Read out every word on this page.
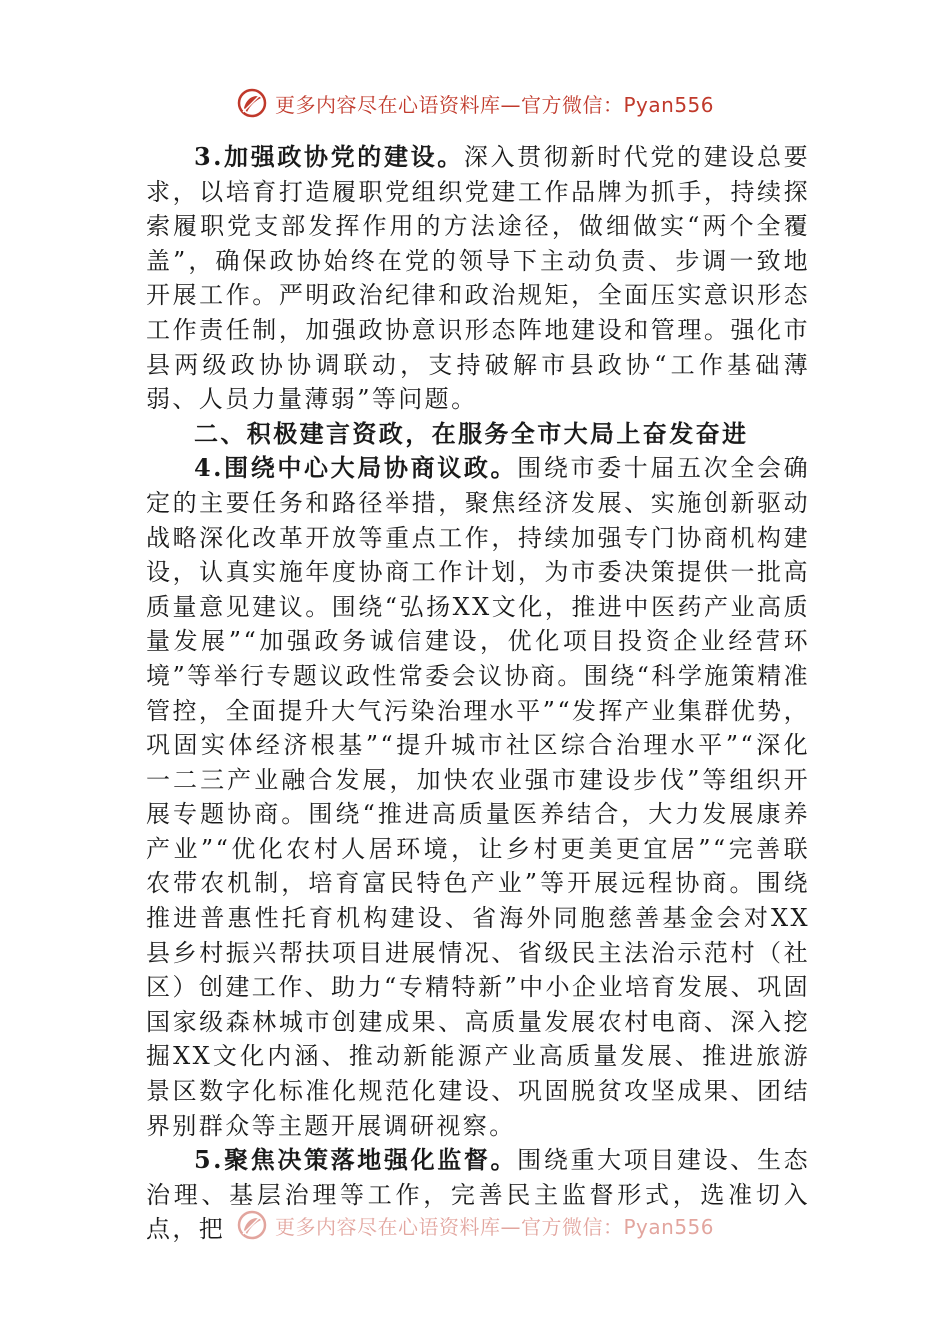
更多内容尽在心语资料库—官方微信：Pyan556

3.加强政协党的建设。深入贯彻新时代党的建设总要求，以培育打造履职党组织党建工作品牌为抓手，持续探索履职党支部发挥作用的方法途径，做细做实“两个全覆盖”，确保政协始终在党的领导下主动负责、步调一致地开展工作。严明政治纪律和政治规矩，全面压实意识形态工作责任制，加强政协意识形态阵地建设和管理。强化市县两级政协协调联动，支持破解市县政协“工作基础薄弱、人员力量薄弱”等问题。

二、积极建言资政，在服务全市大局上奋发奋进

4.围绕中心大局协商议政。围绕市委十届五次全会确定的主要任务和路径举措，聚焦经济发展、实施创新驱动战略深化改革开放等重点工作，持续加强专门协商机构建设，认真实施年度协商工作计划，为市委决策提供一批高质量意见建议。围绕“弘扬XX文化，推进中医药产业高质量发展”“加强政务诚信建设，优化项目投资企业经营环境”等举行专题议政性常委会议协商。围绕“科学施策精准管控，全面提升大气污染治理水平”“发挥产业集群优势，巩固实体经济根基”“提升城市社区综合治理水平”“深化一二三产业融合发展，加快农业强市建设步伐”等组织开展专题协商。围绕“推进高质量医养结合，大力发展康养产业”“优化农村人居环境，让乡村更美更宜居”“完善联农带农机制，培育富民特色产业”等开展远程协商。围绕推进普惠性托育机构建设、省海外同胞慈善基金会对XX县乡村振兴帮扶项目进展情况、省级民主法治示范村（社区）创建工作、助力“专精特新”中小企业培育发展、巩固国家级森林城市创建成果、高质量发展农村电商、深入挖掘XX文化内涵、推动新能源产业高质量发展、推进旅游景区数字化标准化规范化建设、巩固脱贫攻坚成果、团结界别群众等主题开展调研视察。

5.聚焦决策落地强化监督。围绕重大项目建设、生态治理、基层治理等工作，完善民主监督形式，选准切入点，把	更多内容尽在心语资料库—官方微信：Pyan556
